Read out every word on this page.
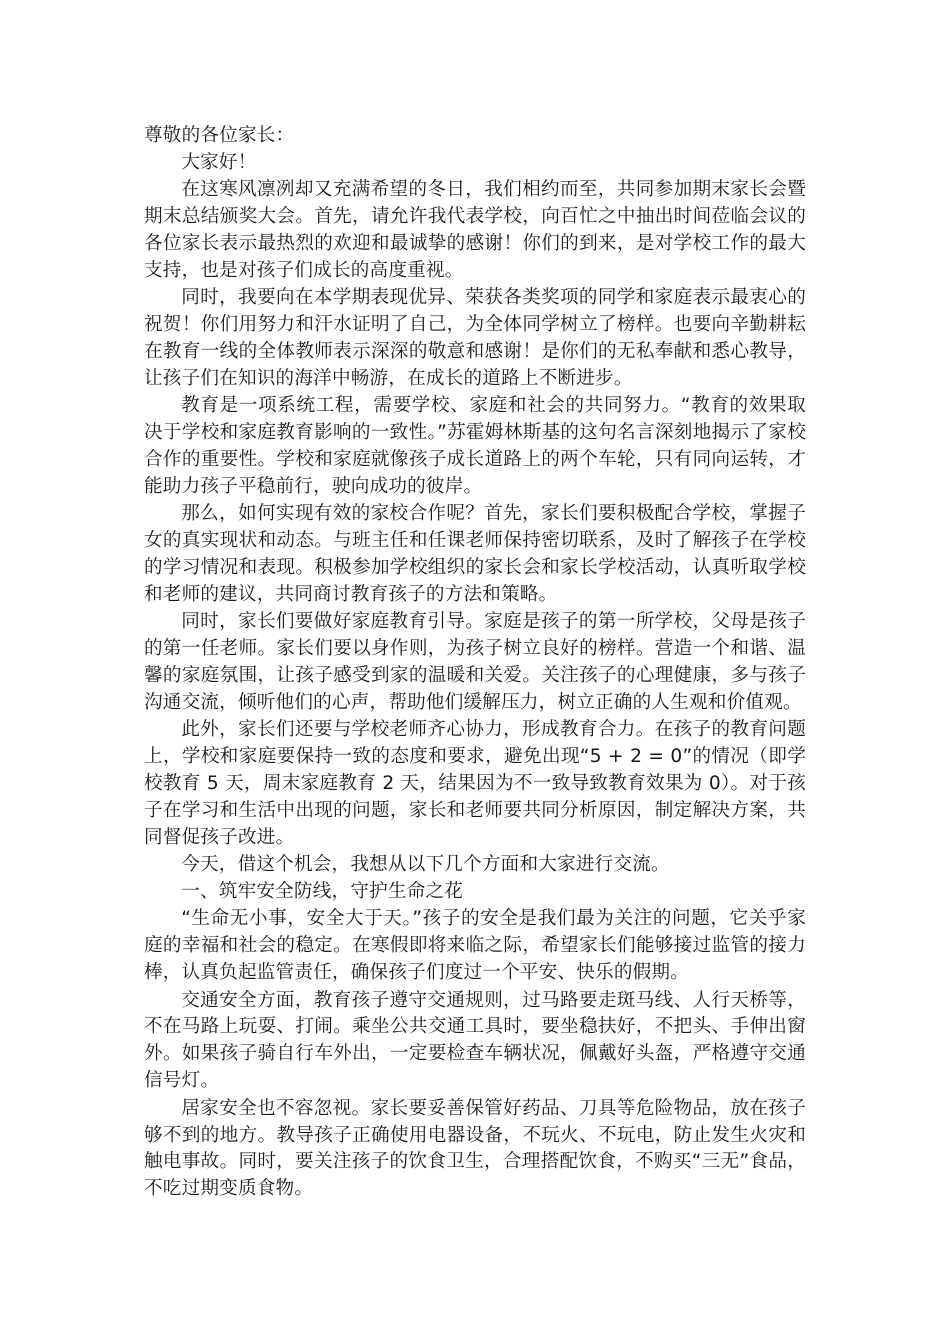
尊敬的各位家长：

大家好！

在这寒风凛冽却又充满希望的冬日，我们相约而至，共同参加期末家长会暨期末总结颁奖大会。首先，请允许我代表学校，向百忙之中抽出时间莅临会议的各位家长表示最热烈的欢迎和最诚挚的感谢！你们的到来，是对学校工作的最大支持，也是对孩子们成长的高度重视。

同时，我要向在本学期表现优异、荣获各类奖项的同学和家庭表示最衷心的祝贺！你们用努力和汗水证明了自己，为全体同学树立了榜样。也要向辛勤耕耘在教育一线的全体教师表示深深的敬意和感谢！是你们的无私奉献和悉心教导，让孩子们在知识的海洋中畅游，在成长的道路上不断进步。

教育是一项系统工程，需要学校、家庭和社会的共同努力。“教育的效果取决于学校和家庭教育影响的一致性。”苏霍姆林斯基的这句名言深刻地揭示了家校合作的重要性。学校和家庭就像孩子成长道路上的两个车轮，只有同向运转，才能助力孩子平稳前行，驶向成功的彼岸。

那么，如何实现有效的家校合作呢？首先，家长们要积极配合学校，掌握子女的真实现状和动态。与班主任和任课老师保持密切联系，及时了解孩子在学校的学习情况和表现。积极参加学校组织的家长会和家长学校活动，认真听取学校和老师的建议，共同商讨教育孩子的方法和策略。

同时，家长们要做好家庭教育引导。家庭是孩子的第一所学校，父母是孩子的第一任老师。家长们要以身作则，为孩子树立良好的榜样。营造一个和谐、温馨的家庭氛围，让孩子感受到家的温暖和关爱。关注孩子的心理健康，多与孩子沟通交流，倾听他们的心声，帮助他们缓解压力，树立正确的人生观和价值观。

此外，家长们还要与学校老师齐心协力，形成教育合力。在孩子的教育问题上，学校和家庭要保持一致的态度和要求，避免出现“5 + 2 = 0”的情况（即学校教育 5 天，周末家庭教育 2 天，结果因为不一致导致教育效果为 0）。对于孩子在学习和生活中出现的问题，家长和老师要共同分析原因，制定解决方案，共同督促孩子改进。

今天，借这个机会，我想从以下几个方面和大家进行交流。

一、筑牢安全防线，守护生命之花

“生命无小事，安全大于天。”孩子的安全是我们最为关注的问题，它关乎家庭的幸福和社会的稳定。在寒假即将来临之际，希望家长们能够接过监管的接力棒，认真负起监管责任，确保孩子们度过一个平安、快乐的假期。

交通安全方面，教育孩子遵守交通规则，过马路要走斑马线、人行天桥等，不在马路上玩耍、打闹。乘坐公共交通工具时，要坐稳扶好，不把头、手伸出窗外。如果孩子骑自行车外出，一定要检查车辆状况，佩戴好头盔，严格遵守交通信号灯。

居家安全也不容忽视。家长要妥善保管好药品、刀具等危险物品，放在孩子够不到的地方。教导孩子正确使用电器设备，不玩火、不玩电，防止发生火灾和触电事故。同时，要关注孩子的饮食卫生，合理搭配饮食，不购买“三无”食品，不吃过期变质食物。
